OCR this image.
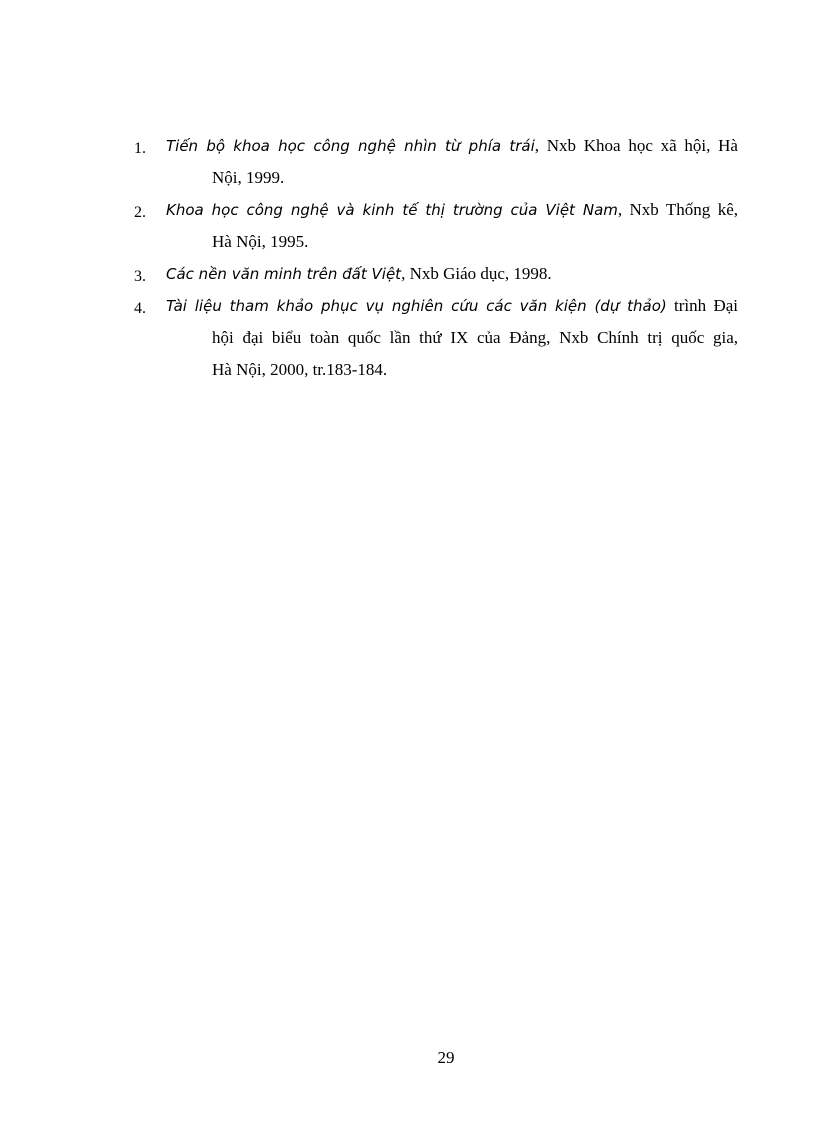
1. Tiến bộ khoa học công nghệ nhìn từ phía trái, Nxb Khoa học xã hội, Hà
Nội, 1999.
2. Khoa học công nghệ và kinh tế thị trường của Việt Nam, Nxb Thống kê,
Hà Nội, 1995.
3. Các nền văn minh trên đất Việt, Nxb Giáo dục, 1998.
4. Tài liệu tham khảo phục vụ nghiên cứu các văn kiện (dự thảo) trình Đại
hội đại biểu toàn quốc lần thứ IX của Đảng, Nxb Chính trị quốc gia,
Hà Nội, 2000, tr.183-184.
29
